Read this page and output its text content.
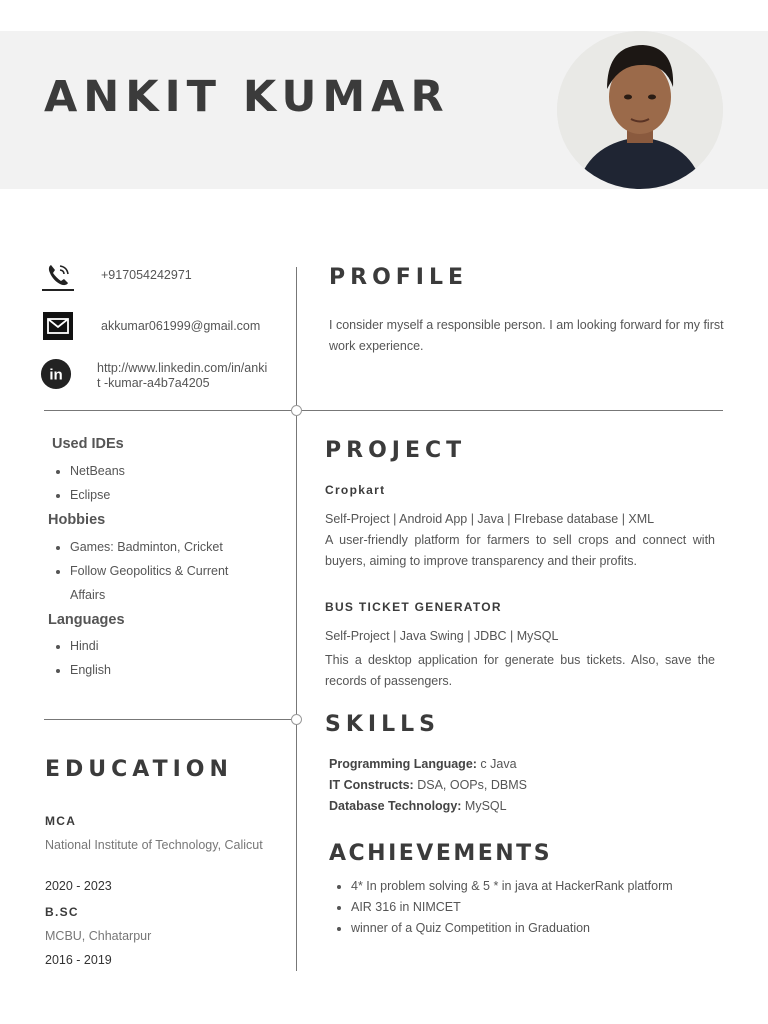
ANKIT KUMAR
+917054242971
akkumar061999@gmail.com
in	http://www.linkedin.com/in/anki
t -kumar-a4b7a4205
PROFILE
I consider myself a responsible person. I am looking forward for my first work experience.
Used IDEs
• NetBeans
• Eclipse
Hobbies
• Games: Badminton, Cricket
• Follow Geopolitics & Current Affairs
Languages
• Hindi
• English
PROJECT
Cropkart
Self-Project | Android App | Java | FIrebase database | XML
A user-friendly platform for farmers to sell crops and connect with buyers, aiming to improve transparency and their profits.
BUS TICKET GENERATOR
Self-Project | Java Swing | JDBC | MySQL
This a desktop application for generate bus tickets. Also, save the records of passengers.
SKILLS
Programming Language: c Java
IT Constructs: DSA, OOPs, DBMS
Database Technology: MySQL
ACHIEVEMENTS
• 4* In problem solving & 5 * in java at HackerRank platform
• AIR 316 in NIMCET
• winner of a Quiz Competition in Graduation
EDUCATION
MCA
National Institute of Technology, Calicut
2020 - 2023
B.SC
MCBU, Chhatarpur
2016 - 2019
